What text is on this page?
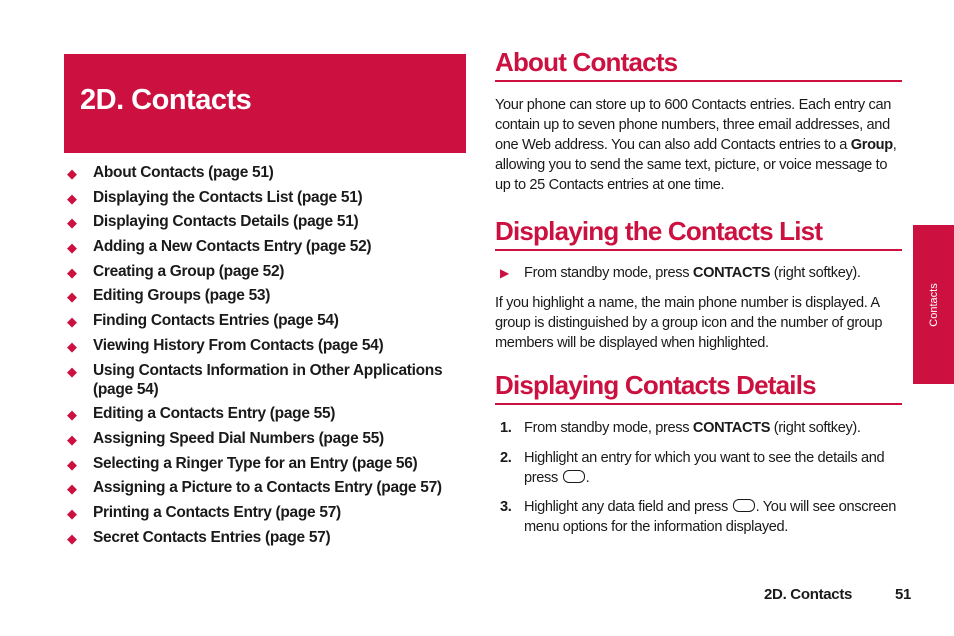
2D. Contacts
◆ About Contacts (page 51)
◆ Displaying the Contacts List (page 51)
◆ Displaying Contacts Details (page 51)
◆ Adding a New Contacts Entry (page 52)
◆ Creating a Group (page 52)
◆ Editing Groups (page 53)
◆ Finding Contacts Entries (page 54)
◆ Viewing History From Contacts (page 54)
◆ Using Contacts Information in Other Applications (page 54)
◆ Editing a Contacts Entry (page 55)
◆ Assigning Speed Dial Numbers (page 55)
◆ Selecting a Ringer Type for an Entry (page 56)
◆ Assigning a Picture to a Contacts Entry (page 57)
◆ Printing a Contacts Entry (page 57)
◆ Secret Contacts Entries (page 57)
About Contacts

Your phone can store up to 600 Contacts entries. Each entry can contain up to seven phone numbers, three email addresses, and one Web address. You can also add Contacts entries to a Group, allowing you to send the same text, picture, or voice message to up to 25 Contacts entries at one time.

Displaying the Contacts List

▶ From standby mode, press CONTACTS (right softkey).

If you highlight a name, the main phone number is displayed. A group is distinguished by a group icon and the number of group members will be displayed when highlighted.

Displaying Contacts Details

1. From standby mode, press CONTACTS (right softkey).

2. Highlight an entry for which you want to see the details and press .

3. Highlight any data field and press . You will see onscreen menu options for the information displayed.

Contacts
2D. Contacts	51
